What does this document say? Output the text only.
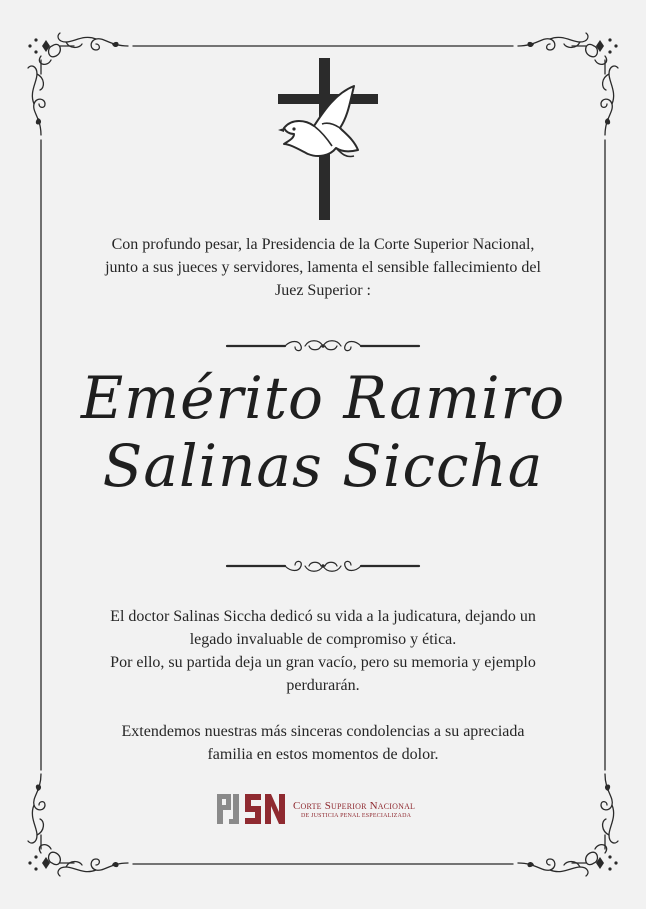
Con profundo pesar, la Presidencia de la Corte Superior Nacional,
junto a sus jueces y servidores, lamenta el sensible fallecimiento del
Juez Superior :
Emérito Ramiro
Salinas Siccha
El doctor Salinas Siccha dedicó su vida a la judicatura, dejando un
legado invaluable de compromiso y ética.
Por ello, su partida deja un gran vacío, pero su memoria y ejemplo
perdurarán.
Extendemos nuestras más sinceras condolencias a su apreciada
familia en estos momentos de dolor.
Corte Superior Nacional
DE JUSTICIA PENAL ESPECIALIZADA
